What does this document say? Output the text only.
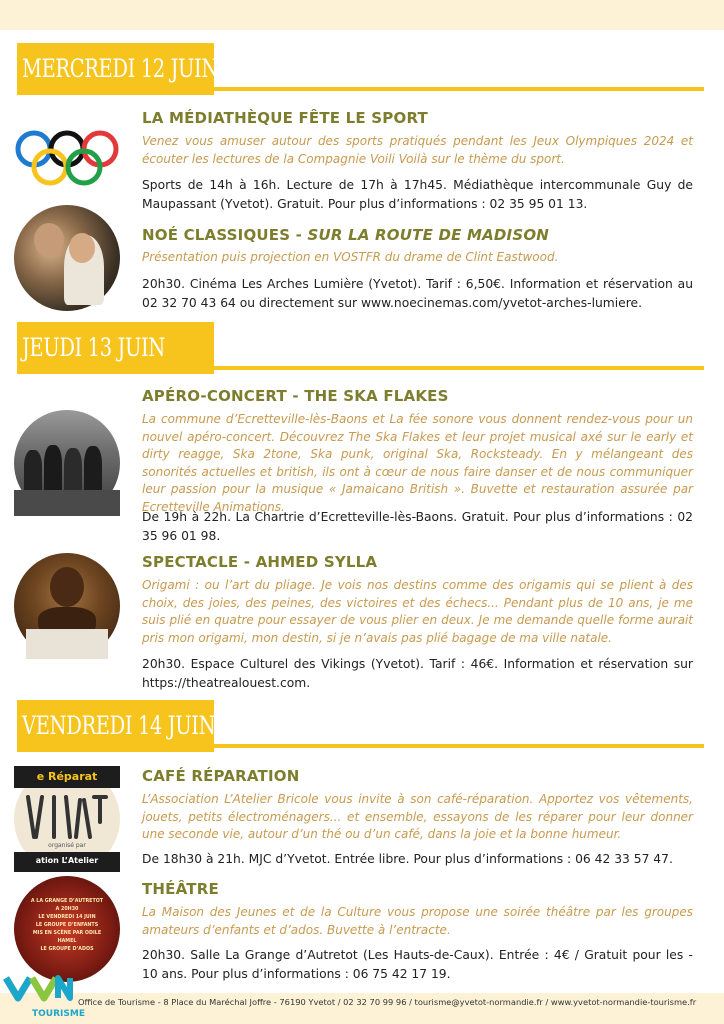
MERCREDI 12 JUIN
LA MÉDIATHÈQUE FÊTE LE SPORT
Venez vous amuser autour des sports pratiqués pendant les Jeux Olympiques 2024 et écouter les lectures de la Compagnie Voili Voilà sur le thème du sport.
Sports de 14h à 16h. Lecture de 17h à 17h45. Médiathèque intercommunale Guy de Maupassant (Yvetot). Gratuit. Pour plus d’informations : 02 35 95 01 13.
NOÉ CLASSIQUES - SUR LA ROUTE DE MADISON
Présentation puis projection en VOSTFR du drame de Clint Eastwood.
20h30. Cinéma Les Arches Lumière (Yvetot). Tarif : 6,50€. Information et réservation au 02 32 70 43 64 ou directement sur www.noecinemas.com/yvetot-arches-lumiere.
JEUDI 13 JUIN
APÉRO-CONCERT - THE SKA FLAKES
La commune d’Ecretteville-lès-Baons et La fée sonore vous donnent rendez-vous pour un nouvel apéro-concert. Découvrez The Ska Flakes et leur projet musical axé sur le early et dirty reagge, Ska 2tone, Ska punk, original Ska, Rocksteady. En y mélangeant des sonorités actuelles et british, ils ont à cœur de nous faire danser et de nous communiquer leur passion pour la musique « Jamaicano British ». Buvette et restauration assurée par Ecretteville Animations.
De 19h à 22h. La Chartrie d’Ecretteville-lès-Baons. Gratuit. Pour plus d’informations : 02 35 96 01 98.
SPECTACLE - AHMED SYLLA
Origami : ou l’art du pliage. Je vois nos destins comme des origamis qui se plient à des choix, des joies, des peines, des victoires et des échecs... Pendant plus de 10 ans, je me suis plié en quatre pour essayer de vous plier en deux. Je me demande quelle forme aurait pris mon origami, mon destin, si je n’avais pas plié bagage de ma ville natale.
20h30. Espace Culturel des Vikings (Yvetot). Tarif : 46€. Information et réservation sur https://theatrealouest.com.
VENDREDI 14 JUIN
e Réparat
organisé par
ation L’Atelier
CAFÉ RÉPARATION
L’Association L’Atelier Bricole vous invite à son café-réparation. Apportez vos vêtements, jouets, petits électroménagers... et ensemble, essayons de les réparer pour leur donner une seconde vie, autour d’un thé ou d’un café, dans la joie et la bonne humeur.
De 18h30 à 21h. MJC d’Yvetot. Entrée libre. Pour plus d’informations : 06 42 33 57 47.
A LA GRANGE D’AUTRETOT
A 20H30
LE VENDREDI 14 JUIN
LE GROUPE D’ENFANTS
MIS EN SCÈNE PAR ODILE HAMEL
LE GROUPE D’ADOS
THÉÂTRE
La Maison des Jeunes et de la Culture vous propose une soirée théâtre par les groupes amateurs d’enfants et d’ados. Buvette à l’entracte.
20h30. Salle La Grange d’Autretot (Les Hauts-de-Caux). Entrée : 4€ / Gratuit pour les - 10 ans. Pour plus d’informations : 06 75 42 17 19.
TOURISME
Office de Tourisme - 8 Place du Maréchal Joffre - 76190 Yvetot / 02 32 70 99 96 / tourisme@yvetot-normandie.fr / www.yvetot-normandie-tourisme.fr
